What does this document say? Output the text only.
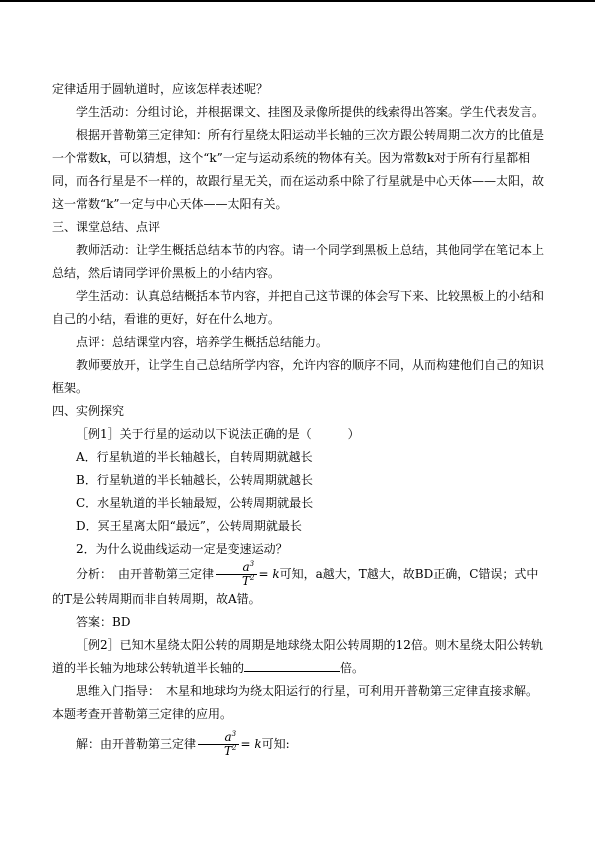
定律适用于圆轨道时，应该怎样表述呢？

学生活动：分组讨论，并根据课文、挂图及录像所提供的线索得出答案。学生代表发言。

根据开普勒第三定律知：所有行星绕太阳运动半长轴的三次方跟公转周期二次方的比值是一个常数k，可以猜想，这个“k”一定与运动系统的物体有关。因为常数k对于所有行星都相同，而各行星是不一样的，故跟行星无关，而在运动系中除了行星就是中心天体——太阳，故这一常数“k”一定与中心天体——太阳有关。

三、课堂总结、点评

教师活动：让学生概括总结本节的内容。请一个同学到黑板上总结，其他同学在笔记本上总结，然后请同学评价黑板上的小结内容。

学生活动：认真总结概括本节内容，并把自己这节课的体会写下来、比较黑板上的小结和自己的小结，看谁的更好，好在什么地方。

点评：总结课堂内容，培养学生概括总结能力。

教师要放开，让学生自己总结所学内容，允许内容的顺序不同，从而构建他们自己的知识框架。

四、实例探究

［例1］关于行星的运动以下说法正确的是（　　　）

A．行星轨道的半长轴越长，自转周期就越长

B．行星轨道的半长轴越长，公转周期就越长

C．水星轨道的半长轴最短，公转周期就最长

D．冥王星离太阳“最远”，公转周期就最长

2．为什么说曲线运动一定是变速运动？

分析：　由开普勒第三定律 $\frac{a^3}{T^2} = k$可知，a越大，T越大，故BD正确，C错误；式中的T是公转周期而非自转周期，故A错。

答案：BD

［例2］已知木星绕太阳公转的周期是地球绕太阳公转周期的12倍。则木星绕太阳公转轨道的半长轴为地球公转轨道半长轴的	倍。

思维入门指导：　木星和地球均为绕太阳运行的行星，可利用开普勒第三定律直接求解。本题考查开普勒第三定律的应用。

解：由开普勒第三定律 $\frac{a^3}{T^2} = k$可知:
